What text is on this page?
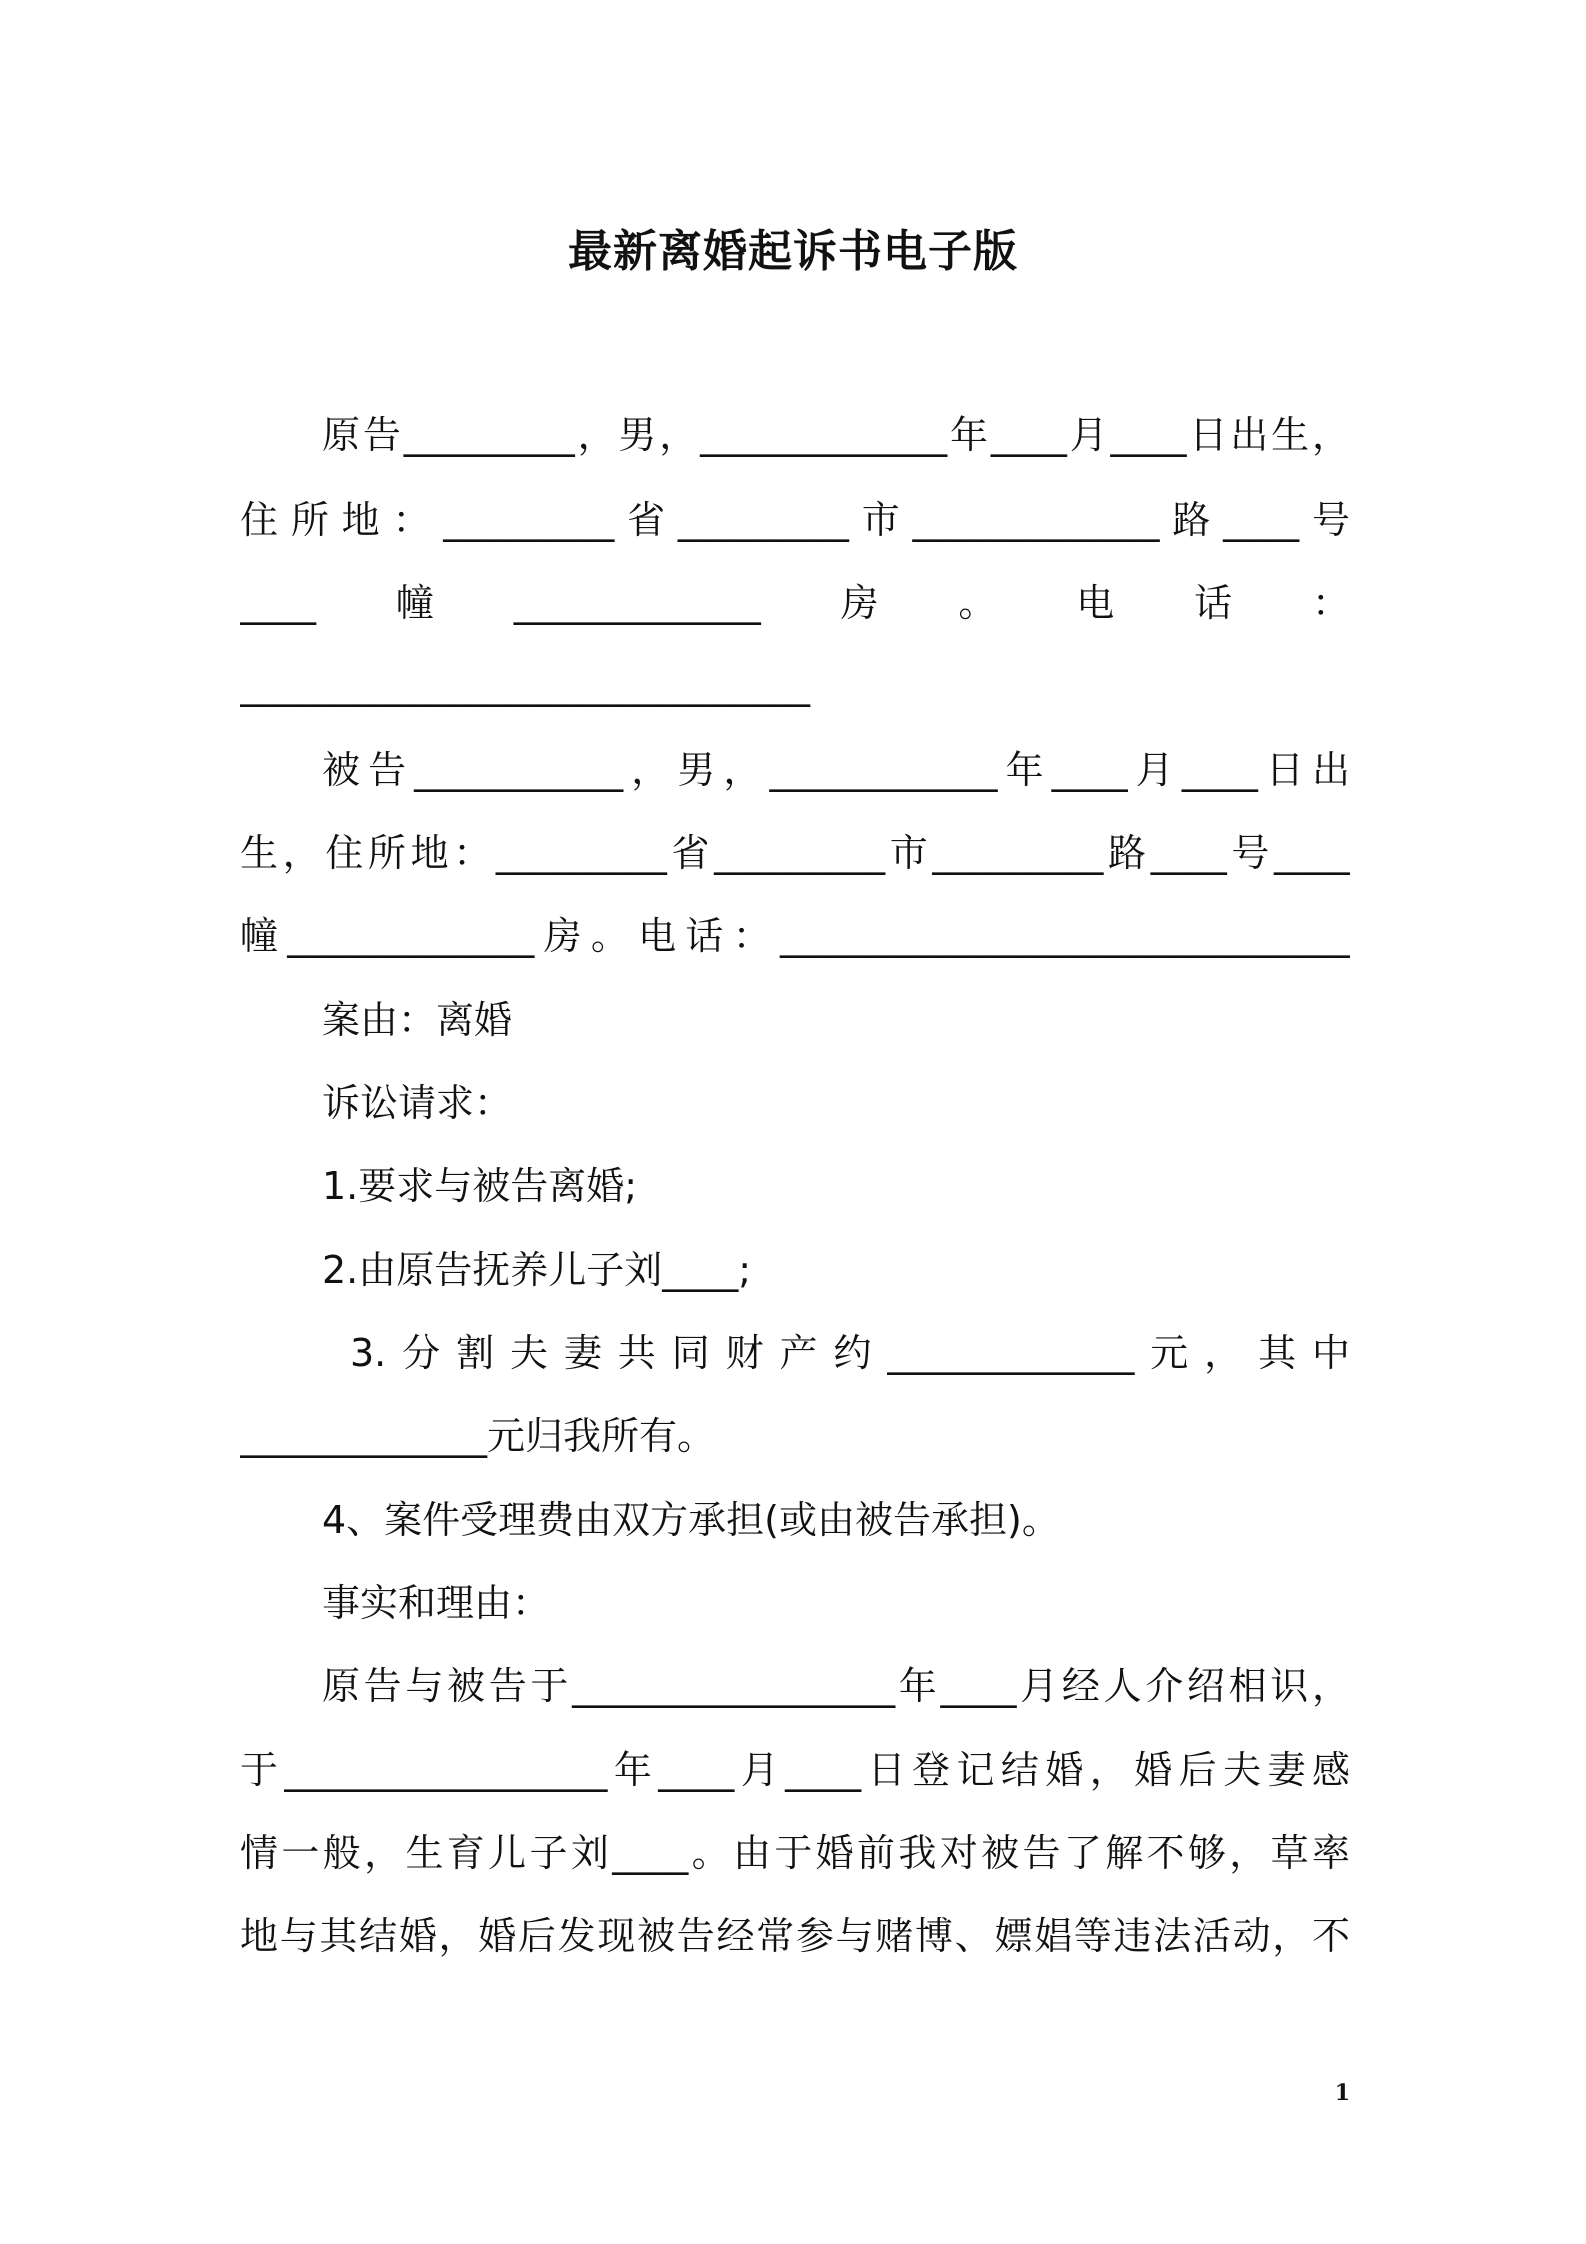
最新离婚起诉书电子版
原告_________，男，_____________年____月____日出生，
住所地：_________省_________市_____________路____号
____幢_____________房。电话：
______________________________
被告___________，男，____________年____月____日出
生，住所地：_________省_________市_________路____号____
幢_____________房。电话：______________________________
案由：离婚
诉讼请求：
1.要求与被告离婚;
2.由原告抚养儿子刘____;
3.分割夫妻共同财产约_____________元，其中
_____________元归我所有。
4、案件受理费由双方承担(或由被告承担)。
事实和理由：
原告与被告于_________________年____月经人介绍相识，
于_________________年____月____日登记结婚，婚后夫妻感
情一般，生育儿子刘____。由于婚前我对被告了解不够，草率
地与其结婚，婚后发现被告经常参与赌博、嫖娼等违法活动，不
1
